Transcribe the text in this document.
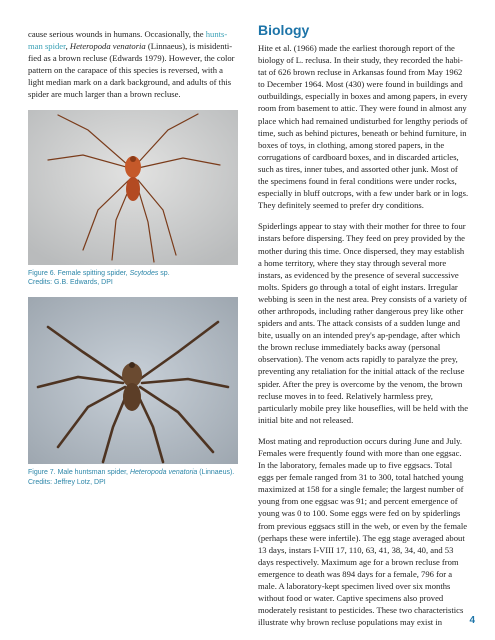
cause serious wounds in humans. Occasionally, the hunts-man spider, Heteropoda venatoria (Linnaeus), is misidenti-fied as a brown recluse (Edwards 1979). However, the color pattern on the carapace of this species is reversed, with a light median mark on a dark background, and adults of this spider are much larger than a brown recluse.

Figure 6. Female spitting spider, Scytodes sp.
Credits: G.B. Edwards, DPI

Figure 7. Male huntsman spider, Heteropoda venatoria (Linnaeus).
Credits: Jeffrey Lotz, DPI

Biology

Hite et al. (1966) made the earliest thorough report of the biology of L. reclusa. In their study, they recorded the habi-tat of 626 brown recluse in Arkansas found from May 1962 to December 1964. Most (430) were found in buildings and outbuildings, especially in boxes and among papers, in every room from basement to attic. They were found in almost any place which had remained undisturbed for lengthy periods of time, such as behind pictures, beneath or behind furniture, in boxes of toys, in clothing, among stored papers, in the corrugations of cardboard boxes, and in discarded articles, such as tires, inner tubes, and assorted other junk. Most of the specimens found in feral conditions were under rocks, especially in bluff outcrops, with a few under bark or in logs. They definitely seemed to prefer dry conditions.

Spiderlings appear to stay with their mother for three to four instars before dispersing. They feed on prey provided by the mother during this time. Once dispersed, they may establish a home territory, where they stay through several more instars, as evidenced by the presence of several successive molts. Spiders go through a total of eight instars. Irregular webbing is seen in the nest area. Prey consists of a variety of other arthropods, including rather dangerous prey like other spiders and ants. The attack consists of a sudden lunge and bite, usually on an intended prey's ap-pendage, after which the brown recluse immediately backs away (personal observation). The venom acts rapidly to paralyze the prey, preventing any retaliation for the initial attack of the recluse spider. After the prey is overcome by the venom, the brown recluse moves in to feed. Relatively harmless prey, particularly mobile prey like houseflies, will be held with the initial bite and not released.

Most mating and reproduction occurs during June and July. Females were frequently found with more than one eggsac. In the laboratory, females made up to five eggsacs. Total eggs per female ranged from 31 to 300, total hatched young maximized at 158 for a single female; the largest number of young from one eggsac was 91; and percent emergence of young was 0 to 100. Some eggs were fed on by spiderlings from previous eggsacs still in the web, or even by the female (perhaps these were infertile). The egg stage averaged about 13 days, instars I-VIII 17, 110, 63, 41, 38, 34, 40, and 53 days respectively. Maximum age for a brown recluse from emergence to death was 894 days for a female, 796 for a male. A laboratory-kept specimen lived over six months without food or water. Captive specimens also proved moderately resistant to pesticides. These two characteristics illustrate why brown recluse populations may exist in	4
